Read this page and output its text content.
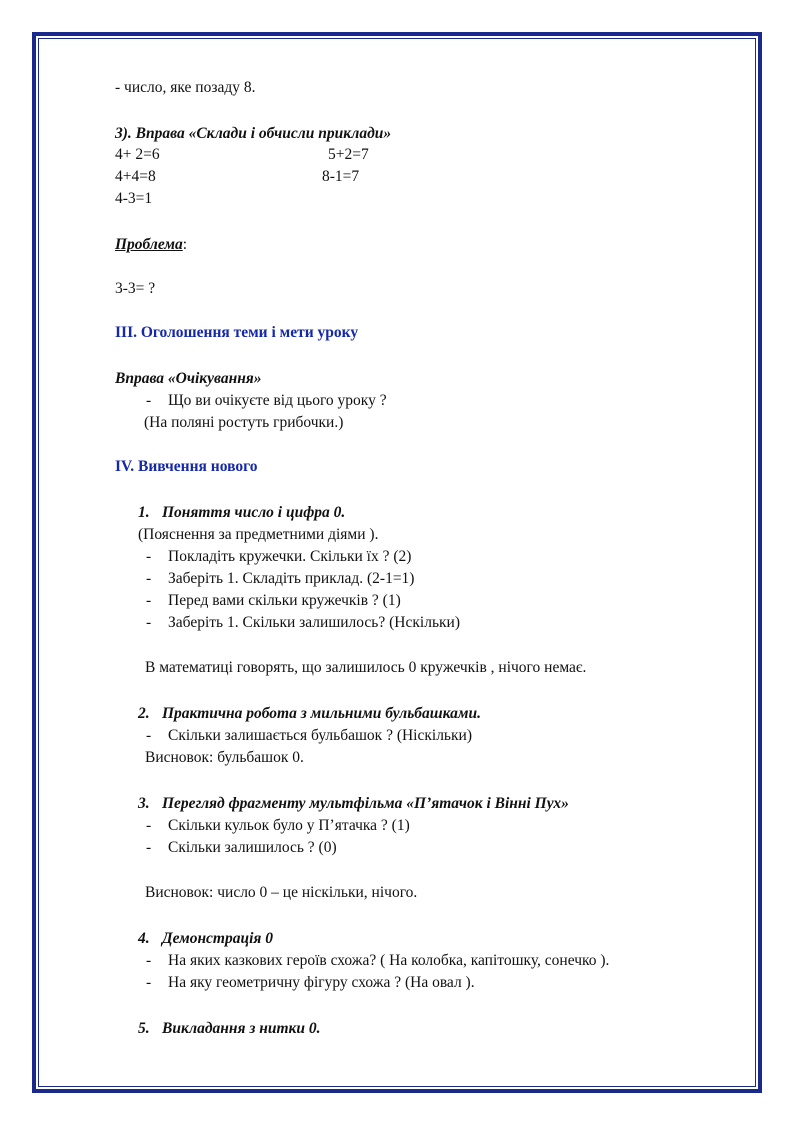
- число, яке позаду 8.
3). Вправа «Склади і обчисли приклади»
4+ 2=6	5+2=7
4+4=8	8-1=7
4-3=1
Проблема:
3-3= ?
ІІІ. Оголошення теми і мети уроку
Вправа «Очікування»
- Що ви очікуєте від цього уроку ?
(На поляні ростуть грибочки.)
IV. Вивчення нового
1. Поняття число і цифра 0.
(Пояснення за предметними діями ).
- Покладіть кружечки. Скільки їх ? (2)
- Заберіть 1. Складіть приклад. (2-1=1)
- Перед вами скільки кружечків ? (1)
- Заберіть 1. Скільки залишилось? (Нскільки)
В математиці говорять, що залишилось 0 кружечків , нічого немає.
2. Практична робота з мильними бульбашками.
- Скільки залишається бульбашок ? (Ніскільки)
Висновок: бульбашок 0.
3. Перегляд фрагменту мультфільма «П’ятачок і Вінні Пух»
- Скільки кульок було у П’ятачка ? (1)
- Скільки залишилось ? (0)
Висновок: число 0 – це ніскільки, нічого.
4. Демонстрація 0
- На яких казкових героїв схожа? ( На колобка, капітошку, сонечко ).
- На яку геометричну фігуру схожа ? (На овал ).
5. Викладання з нитки 0.
